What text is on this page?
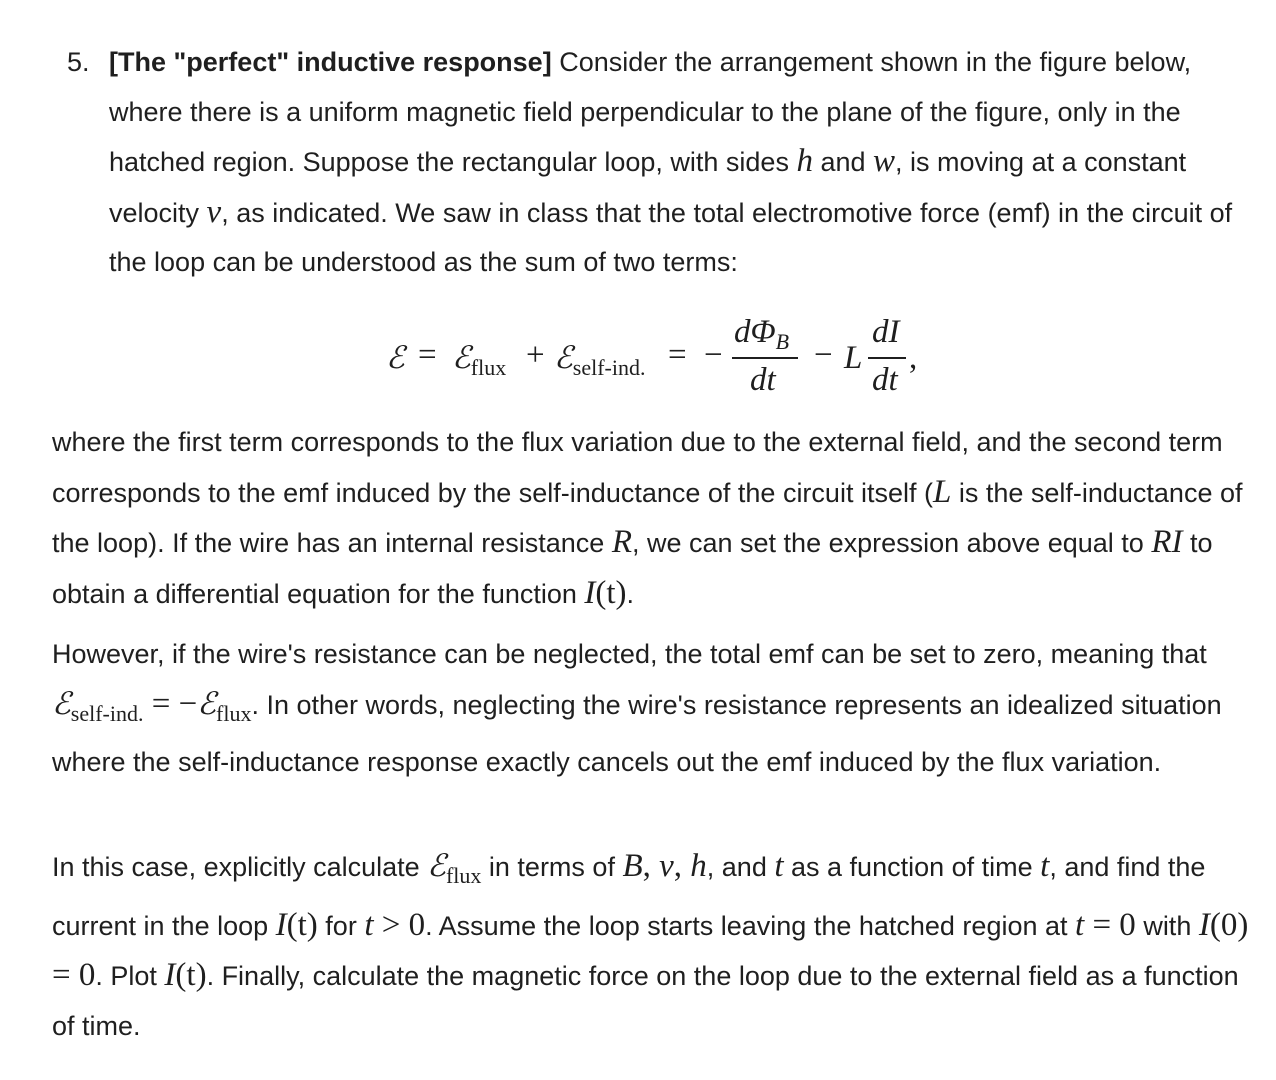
5. [The "perfect" inductive response] Consider the arrangement shown in the figure below, where there is a uniform magnetic field perpendicular to the plane of the figure, only in the hatched region. Suppose the rectangular loop, with sides h and w, is moving at a constant velocity v, as indicated. We saw in class that the total electromotive force (emf) in the circuit of the loop can be understood as the sum of two terms:
ℰ = ℰ$_{flux}$ + ℰ$_{self-ind.}$ = −
$d\Phi_B$
dt
− L
dI
dt
,
where the first term corresponds to the flux variation due to the external field, and the second term corresponds to the emf induced by the self-inductance of the circuit itself (L is the self-inductance of the loop). If the wire has an internal resistance R, we can set the expression above equal to RI to obtain a differential equation for the function I(t).
However, if the wire's resistance can be neglected, the total emf can be set to zero, meaning that ℰ$_{self-ind.}$ = −ℰ$_{flux}$. In other words, neglecting the wire's resistance represents an idealized situation where the self-inductance response exactly cancels out the emf induced by the flux variation.
In this case, explicitly calculate ℰ$_{flux}$ in terms of B, v, h, and t as a function of time t, and find the current in the loop I(t) for t > 0. Assume the loop starts leaving the hatched region at t = 0 with I(0) = 0. Plot I(t). Finally, calculate the magnetic force on the loop due to the external field as a function of time.
